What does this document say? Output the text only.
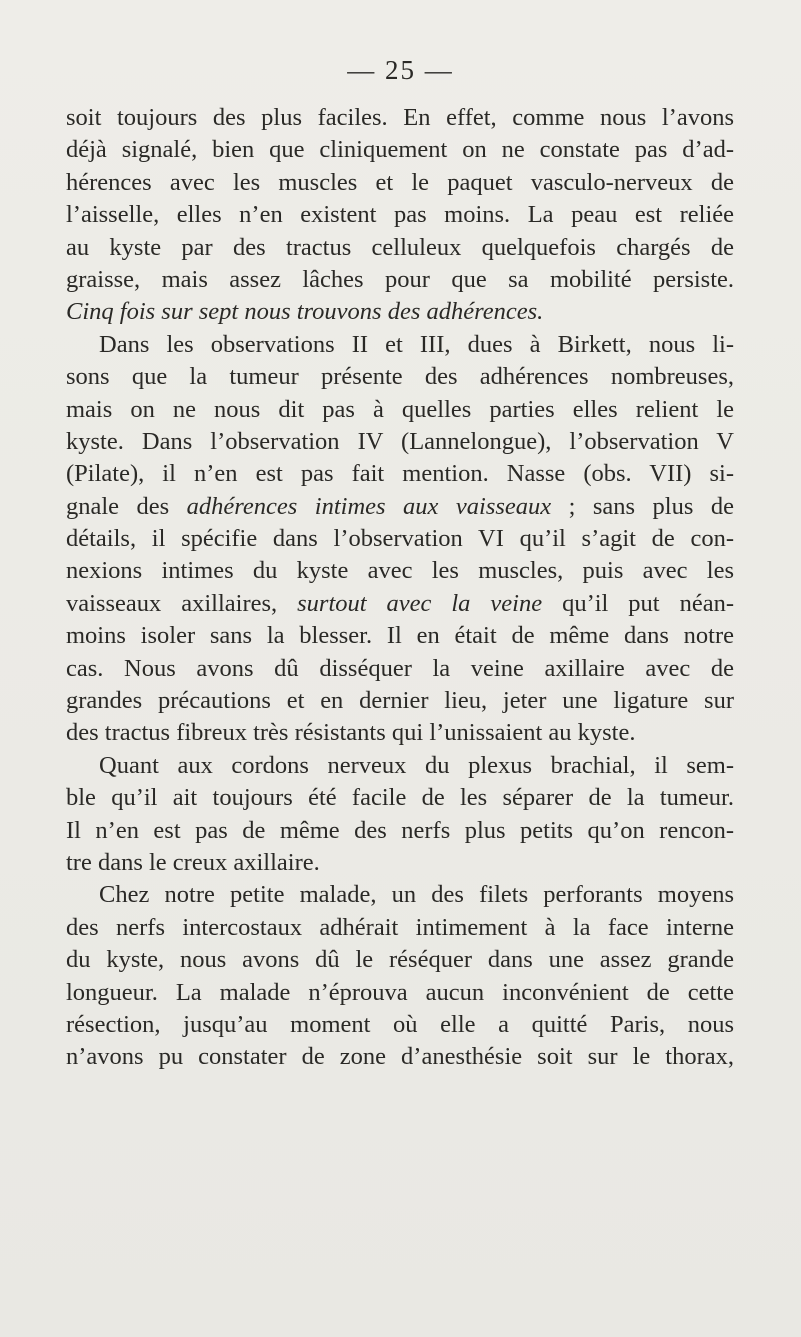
— 25 —
soit toujours des plus faciles. En effet, comme nous l’avons
déjà signalé, bien que cliniquement on ne constate pas d’ad-
hérences avec les muscles et le paquet vasculo-nerveux de
l’aisselle, elles n’en existent pas moins. La peau est reliée
au kyste par des tractus celluleux quelquefois chargés de
graisse, mais assez lâches pour que sa mobilité persiste.
Cinq fois sur sept nous trouvons des adhérences.
Dans les observations II et III, dues à Birkett, nous li-
sons que la tumeur présente des adhérences nombreuses,
mais on ne nous dit pas à quelles parties elles relient le
kyste. Dans l’observation IV (Lannelongue), l’observation V
(Pilate), il n’en est pas fait mention. Nasse (obs. VII) si-
gnale des adhérences intimes aux vaisseaux ; sans plus de
détails, il spécifie dans l’observation VI qu’il s’agit de con-
nexions intimes du kyste avec les muscles, puis avec les
vaisseaux axillaires, surtout avec la veine qu’il put néan-
moins isoler sans la blesser. Il en était de même dans notre
cas. Nous avons dû disséquer la veine axillaire avec de
grandes précautions et en dernier lieu, jeter une ligature sur
des tractus fibreux très résistants qui l’unissaient au kyste.
Quant aux cordons nerveux du plexus brachial, il sem-
ble qu’il ait toujours été facile de les séparer de la tumeur.
Il n’en est pas de même des nerfs plus petits qu’on rencon-
tre dans le creux axillaire.
Chez notre petite malade, un des filets perforants moyens
des nerfs intercostaux adhérait intimement à la face interne
du kyste, nous avons dû le réséquer dans une assez grande
longueur. La malade n’éprouva aucun inconvénient de cette
résection, jusqu’au moment où elle a quitté Paris, nous
n’avons pu constater de zone d’anesthésie soit sur le thorax,
